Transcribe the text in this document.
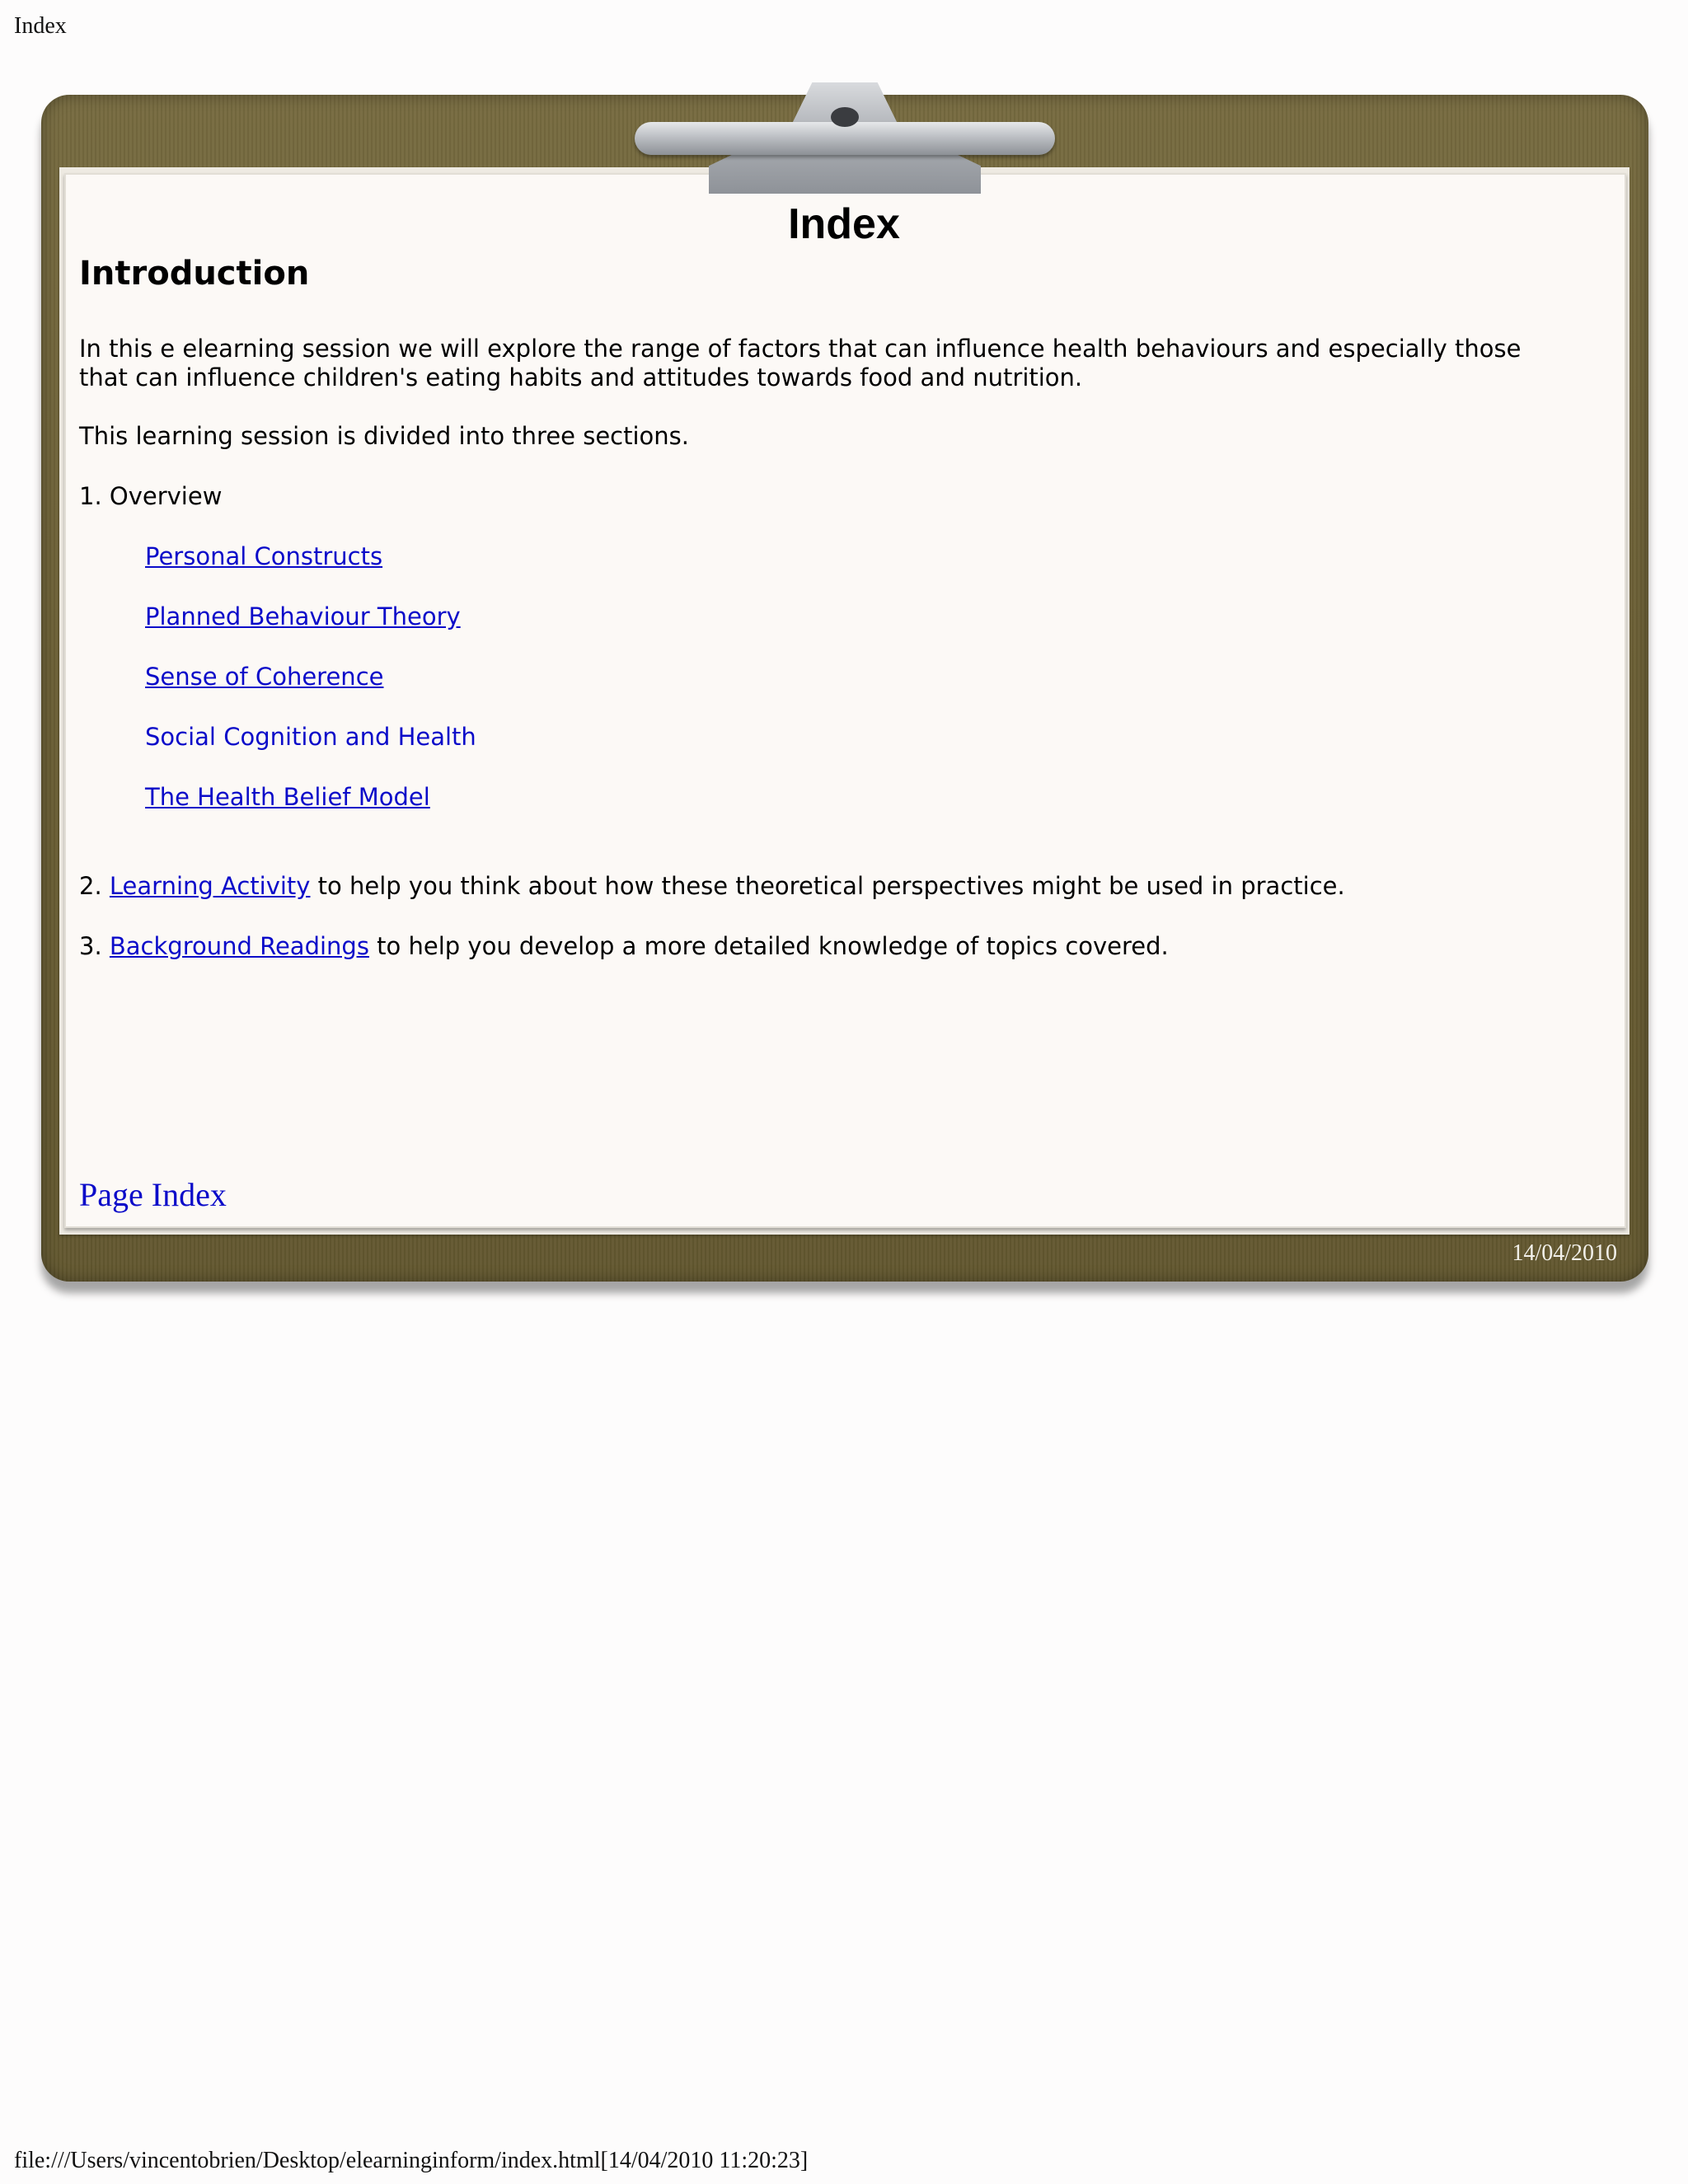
Index
Index
Introduction

In this e elearning session we will explore the range of factors that can influence health behaviours and especially those that can influence children's eating habits and attitudes towards food and nutrition.

This learning session is divided into three sections.

1. Overview

Personal Constructs
Planned Behaviour Theory
Sense of Coherence
Social Cognition and Health
The Health Belief Model

2. Learning Activity to help you think about how these theoretical perspectives might be used in practice.

3. Background Readings to help you develop a more detailed knowledge of topics covered.

Page Index
14/04/2010
file:///Users/vincentobrien/Desktop/elearninginform/index.html[14/04/2010 11:20:23]
